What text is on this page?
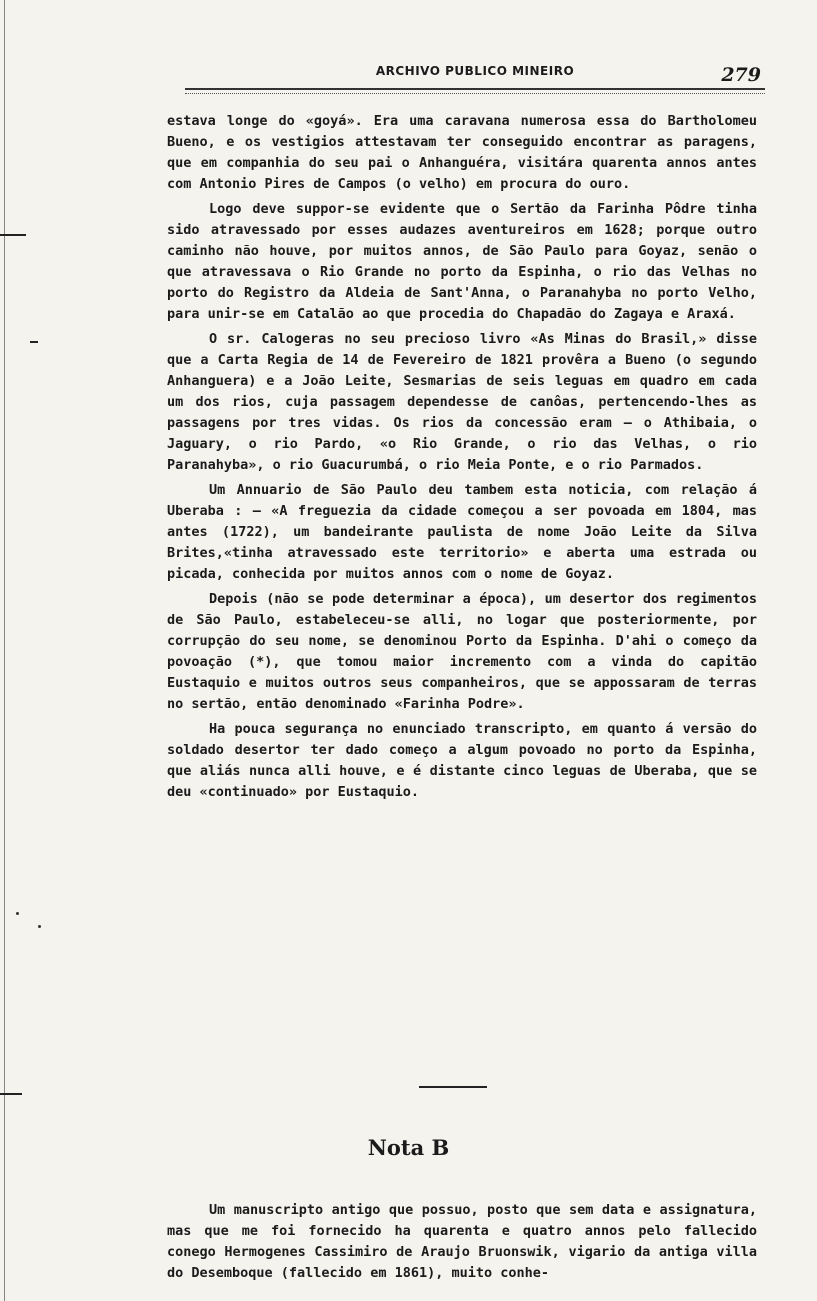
ARCHIVO PUBLICO MINEIRO	279

estava longe do «goyá». Era uma caravana numerosa essa do Bartholomeu Bueno, e os vestigios attestavam ter conseguido encontrar as paragens, que em companhia do seu pai o Anhanguéra, visitára quarenta annos antes com Antonio Pires de Campos (o velho) em procura do ouro.

Logo deve suppor-se evidente que o Sertão da Farinha Pôdre tinha sido atravessado por esses audazes aventureiros em 1628; porque outro caminho não houve, por muitos annos, de São Paulo para Goyaz, senão o que atravessava o Rio Grande no porto da Espinha, o rio das Velhas no porto do Registro da Aldeia de Sant'Anna, o Paranahyba no porto Velho, para unir-se em Catalão ao que procedia do Chapadão do Zagaya e Araxá.

O sr. Calogeras no seu precioso livro «As Minas do Brasil,» disse que a Carta Regia de 14 de Fevereiro de 1821 provêra a Bueno (o segundo Anhanguera) e a João Leite, Sesmarias de seis leguas em quadro em cada um dos rios, cuja passagem dependesse de canôas, pertencendo-lhes as passagens por tres vidas. Os rios da concessão eram — o Athibaia, o Jaguary, o rio Pardo, «o Rio Grande, o rio das Velhas, o rio Paranahyba», o rio Guacurumbá, o rio Meia Ponte, e o rio Parmados.

Um Annuario de São Paulo deu tambem esta noticia, com relação á Uberaba : — «A freguezia da cidade começou a ser povoada em 1804, mas antes (1722), um bandeirante paulista de nome João Leite da Silva Brites,«tinha atravessado este territorio» e aberta uma estrada ou picada, conhecida por muitos annos com o nome de Goyaz.

Depois (não se pode determinar a época), um desertor dos regimentos de São Paulo, estabeleceu-se alli, no logar que posteriormente, por corrupção do seu nome, se denominou Porto da Espinha. D'ahi o começo da povoação (*), que tomou maior incremento com a vinda do capitão Eustaquio e muitos outros seus companheiros, que se appossaram de terras no sertão, então denominado «Farinha Podre».

Ha pouca segurança no enunciado transcripto, em quanto á versão do soldado desertor ter dado começo a algum povoado no porto da Espinha, que aliás nunca alli houve, e é distante cinco leguas de Uberaba, que se deu «continuado» por Eustaquio.

Nota B

Um manuscripto antigo que possuo, posto que sem data e assignatura, mas que me foi fornecido ha quarenta e quatro annos pelo fallecido conego Hermogenes Cassimiro de Araujo Bruonswik, vigario da antiga villa do Desemboque (fallecido em 1861), muito conhe-
